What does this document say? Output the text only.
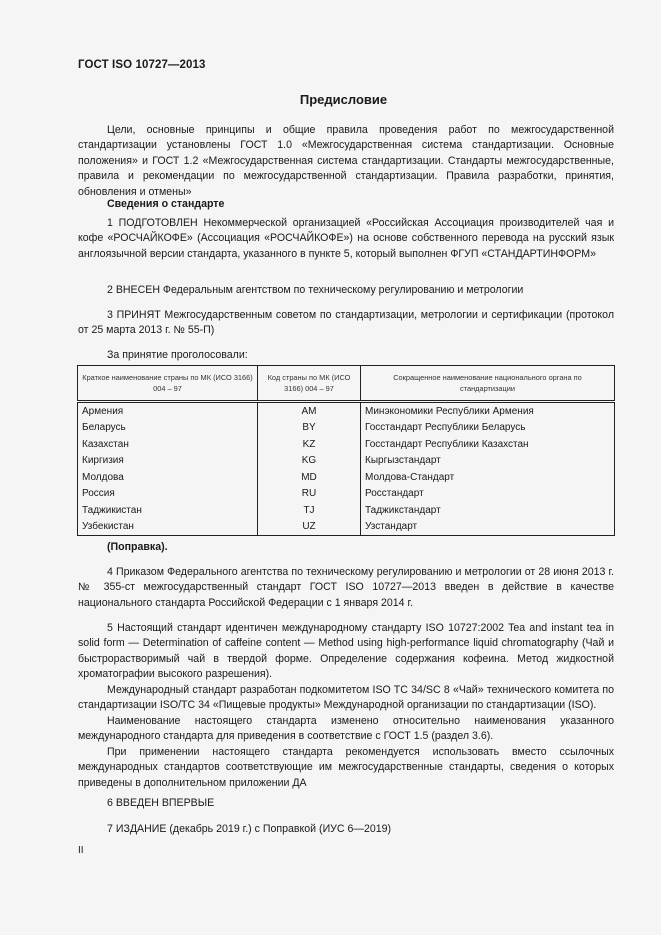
ГОСТ ISO 10727—2013
Предисловие
Цели, основные принципы и общие правила проведения работ по межгосударственной стандартизации установлены ГОСТ 1.0 «Межгосударственная система стандартизации. Основные положения» и ГОСТ 1.2 «Межгосударственная система стандартизации. Стандарты межгосударственные, правила и рекомендации по межгосударственной стандартизации. Правила разработки, принятия, обновления и отмены»
Сведения о стандарте
1 ПОДГОТОВЛЕН Некоммерческой организацией «Российская Ассоциация производителей чая и кофе «РОСЧАЙКОФЕ» (Ассоциация «РОСЧАЙКОФЕ») на основе собственного перевода на русский язык англоязычной версии стандарта, указанного в пункте 5, который выполнен ФГУП «СТАНДАРТИНФОРМ»
2 ВНЕСЕН Федеральным агентством по техническому регулированию и метрологии
3 ПРИНЯТ Межгосударственным советом по стандартизации, метрологии и сертификации (протокол от 25 марта 2013 г. № 55-П)
За принятие проголосовали:
Краткое наименование страны по МК (ИСО 3166) 004 – 97	Код страны по МК (ИСО 3166) 004 – 97	Сокращенное наименование национального органа по стандартизации
Армения	AM	Минэкономики Республики Армения
Беларусь	BY	Госстандарт Республики Беларусь
Казахстан	KZ	Госстандарт Республики Казахстан
Киргизия	KG	Кыргызстандарт
Молдова	MD	Молдова-Стандарт
Россия	RU	Росстандарт
Таджикистан	TJ	Таджикстандарт
Узбекистан	UZ	Узстандарт
(Поправка).
4 Приказом Федерального агентства по техническому регулированию и метрологии от 28 июня 2013 г. № 355-ст межгосударственный стандарт ГОСТ ISO 10727—2013 введен в действие в качестве национального стандарта Российской Федерации с 1 января 2014 г.
5 Настоящий стандарт идентичен международному стандарту ISO 10727:2002 Tea and instant tea in solid form — Determination of caffeine content — Method using high-performance liquid chromatography (Чай и быстрорастворимый чай в твердой форме. Определение содержания кофеина. Метод жидкостной хроматографии высокого разрешения).
Международный стандарт разработан подкомитетом ISO TC 34/SC 8 «Чай» технического комитета по стандартизации ISO/TC 34 «Пищевые продукты» Международной организации по стандартизации (ISO).
Наименование настоящего стандарта изменено относительно наименования указанного международного стандарта для приведения в соответствие с ГОСТ 1.5 (раздел 3.6).
При применении настоящего стандарта рекомендуется использовать вместо ссылочных международных стандартов соответствующие им межгосударственные стандарты, сведения о которых приведены в дополнительном приложении ДА
6 ВВЕДЕН ВПЕРВЫЕ
7 ИЗДАНИЕ (декабрь 2019 г.) с Поправкой (ИУС 6—2019)
II
